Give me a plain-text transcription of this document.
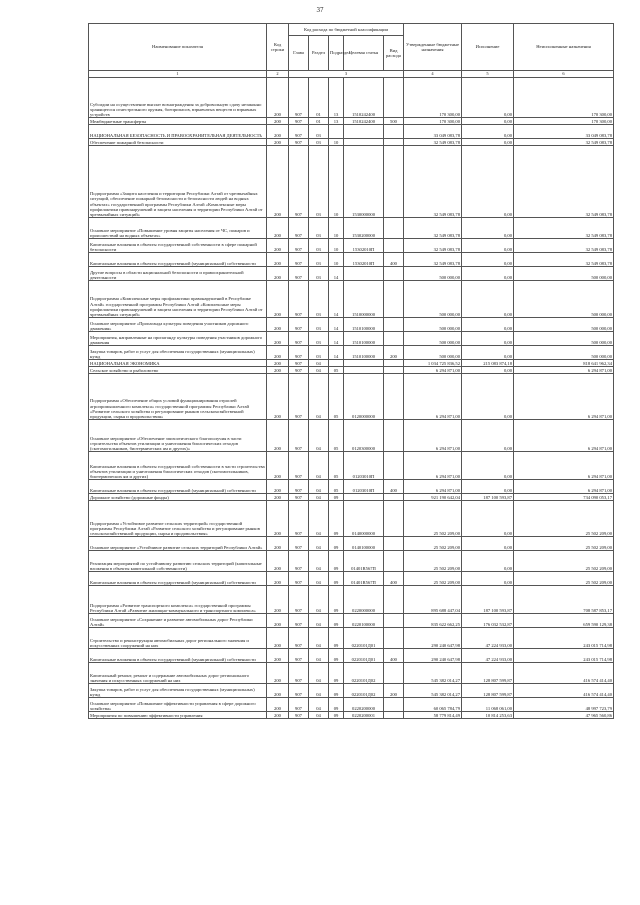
37
Наименование показателя	Код строки	Код расхода по бюджетной классификации					Утвержденные бюджетные назначения	Исполнение	Неисполненные назначения
		Глава	Раздел	Подраздел	Целевая статья	Вид расхода			
1	2	3					4	5	6
Субсидии на осуществление выплат вознаграждения за добровольную сдачу незаконно хранящегося огнестрельного оружия, боеприпасов, взрывчатых веществ и взрывных устройств	200	907	01	13	1510242400		170 300,00	0,00	170 300,00
Межбюджетные трансферты	200	907	01	13	1510242400	500	170 300,00	0,00	170 300,00
НАЦИОНАЛЬНАЯ БЕЗОПАСНОСТЬ И ПРАВООХРАНИТЕЛЬНАЯ ДЕЯТЕЛЬНОСТЬ	200	907	03				33 049 083,78	0,00	33 049 083,78
Обеспечение пожарной безопасности	200	907	03	10			32 549 083,78	0,00	32 549 083,78
Подпрограмма «Защита населения и территории Республики Алтай от чрезвычайных ситуаций, обеспечение пожарной безопасности и безопасности людей на водных объектах» государственной программы Республики Алтай «Комплексные меры профилактики правонарушений и защита населения и территории Республики Алтай от чрезвычайных ситуаций»	200	907	03	10	1530000000		32 549 083,78	0,00	32 549 083,78
Основное мероприятие «Повышение уровня защиты населения от ЧС, пожаров и происшествий на водных объектах»	200	907	03	10	1530200000		32 549 083,78	0,00	32 549 083,78
Капитальные вложения в объекты государственной собственности в сфере пожарной безопасности	200	907	03	10	15302010П		32 549 083,78	0,00	32 549 083,78
Капитальные вложения в объекты государственной (муниципальной) собственности	200	907	03	10	15302010П	400	32 549 083,78	0,00	32 549 083,78
Другие вопросы в области национальной безопасности и правоохранительной деятельности	200	907	03	14			500 000,00	0,00	500 000,00
Подпрограмма «Комплексные меры профилактики правонарушений в Республике Алтай» государственной программы Республики Алтай «Комплексные меры профилактики правонарушений и защита населения и территории Республики Алтай от чрезвычайных ситуаций»	200	907	03	14	1510000000		500 000,00	0,00	500 000,00
Основное мероприятие «Пропаганда культуры поведения участников дорожного движения»	200	907	03	14	1510100000		500 000,00	0,00	500 000,00
Мероприятия, направленные на пропаганду культуры поведения участников дорожного движения	200	907	03	14	1510100000		500 000,00	0,00	500 000,00
Закупка товаров, работ и услуг для обеспечения государственных (муниципальных) нужд	200	907	03	14	1510100000	200	500 000,00	0,00	500 000,00
НАЦИОНАЛЬНАЯ ЭКОНОМИКА	200	907	04				1 034 725 836,52	215 083 874,18	818 641 962,34
Сельское хозяйство и рыболовство	200	907	04	05			6 294 871,00	0,00	6 294 871,00
Подпрограмма «Обеспечение общих условий функционирования отраслей агропромышленного комплекса» государственной программы Республики Алтай «Развитие сельского хозяйства и регулирование рынков сельскохозяйственной продукции, сырья и продовольствия»	200	907	04	05	0120000000		6 294 871,00	0,00	6 294 871,00
Основное мероприятие «Обеспечение эпизоотического благополучия в части строительства объектов утилизации и уничтожения биологических отходов (скотомогильников, биотермических ям и других)»	200	907	04	05	0120300000		6 294 871,00	0,00	6 294 871,00
Капитальные вложения в объекты государственной собственности в части строительства объектов утилизации и уничтожения биологических отходов (скотомогильников, биотермических ям и других)	200	907	04	05	01203010П		6 294 871,00	0,00	6 294 871,00
Капитальные вложения в объекты государственной (муниципальной) собственности	200	907	04	05	01203010П	400	6 294 871,00	0,00	6 294 871,00
Дорожное хозяйство (дорожные фонды)	200	907	04	09			921 190 642,04	187 100 593,87	734 090 053,17
Подпрограмма «Устойчивое развитие сельских территорий» государственной программы Республики Алтай «Развитие сельского хозяйства и регулирование рынков сельскохозяйственной продукции, сырья и продовольствия»	200	907	04	09	0140000000		25 502 209,00	0,00	25 502 209,00
Основное мероприятие «Устойчивое развитие сельских территорий Республики Алтай»	200	907	04	09	0140100000		25 502 209,00	0,00	25 502 209,00
Реализация мероприятий по устойчивому развитию сельских территорий (капитальные вложения в объекты капитальной собственности)	200	907	04	09	01401R567П		25 502 209,00	0,00	25 502 209,00
Капитальные вложения в объекты государственной (муниципальной) собственности	200	907	04	09	01401R567П	400	25 502 209,00	0,00	25 502 209,00
Подпрограмма «Развитие транспортного комплекса» государственной программы Республики Алтай «Развитие жилищно-коммунального и транспортного комплекса»	200	907	04	09	0220000000		895 688 447,04	187 100 593,87	708 587 853,17
Основное мероприятие «Сохранение и развитие автомобильных дорог Республики Алтай»	200	907	04	09	0220100000		835 622 662,25	176 032 532,87	659 590 129,38
Строительство и реконструкция автомобильных дорог регионального значения и искусственных сооружений на них	200	907	04	09	0220101Д01		290 240 647,98	47 224 933,00	243 015 714,98
Капитальные вложения в объекты государственной (муниципальной) собственности	200	907	04	09	0220101Д01	400	290 240 647,98	47 224 933,00	243 015 714,98
Капитальный ремонт, ремонт и содержание автомобильных дорог регионального значения и искусственных сооружений на них	200	907	04	09	0220101Д02		545 382 014,27	128 807 599,87	416 574 414,40
Закупка товаров, работ и услуг для обеспечения государственных (муниципальных) нужд	200	907	04	09	0220101Д02	200	545 382 014,27	128 807 599,87	416 574 414,40
Основное мероприятие «Повышение эффективности управления в сфере дорожного хозяйства»	200	907	04	09	0220200000		60 065 784,79	11 068 061,00	48 997 723,79
Мероприятия по повышению эффективности управления	200	907	04	09	0220200001		58 779 814,49	10 814 253,63	47 965 560,86
